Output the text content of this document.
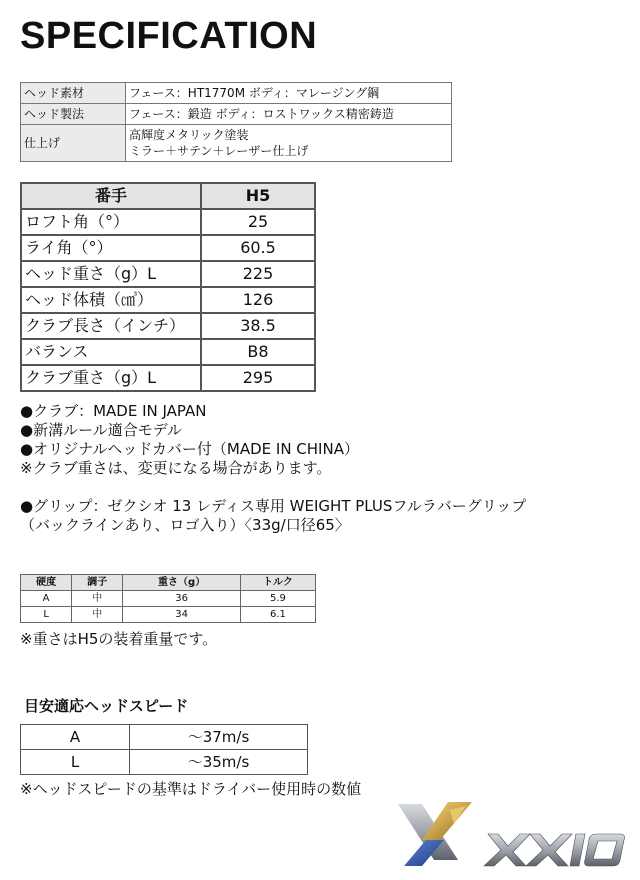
SPECIFICATION
ヘッド素材	フェース：HT1770M ボディ：マレージング鋼
ヘッド製法	フェース：鍛造 ボディ：ロストワックス精密鋳造
仕上げ	高輝度メタリック塗装
ミラー＋サテン＋レーザー仕上げ
番手	H5
ロフト角（°）	25
ライ角（°）	60.5
ヘッド重さ（g）L	225
ヘッド体積（㎤）	126
クラブ長さ（インチ）	38.5
バランス	B8
クラブ重さ（g）L	295

●クラブ：MADE IN JAPAN

●新溝ルール適合モデル

●オリジナルヘッドカバー付（MADE IN CHINA）

※クラブ重さは、変更になる場合があります。

●グリップ：ゼクシオ 13 レディス専用 WEIGHT PLUSフルラバーグリップ

（バックラインあり、ロゴ入り）〈33g/口径65〉

硬度	調子	重さ（g）	トルク
A	中	36	5.9
L	中	34	6.1

※重さはH5の装着重量です。

目安適応ヘッドスピード
A	～37m/s
L	～35m/s

※ヘッドスピードの基準はドライバー使用時の数値
